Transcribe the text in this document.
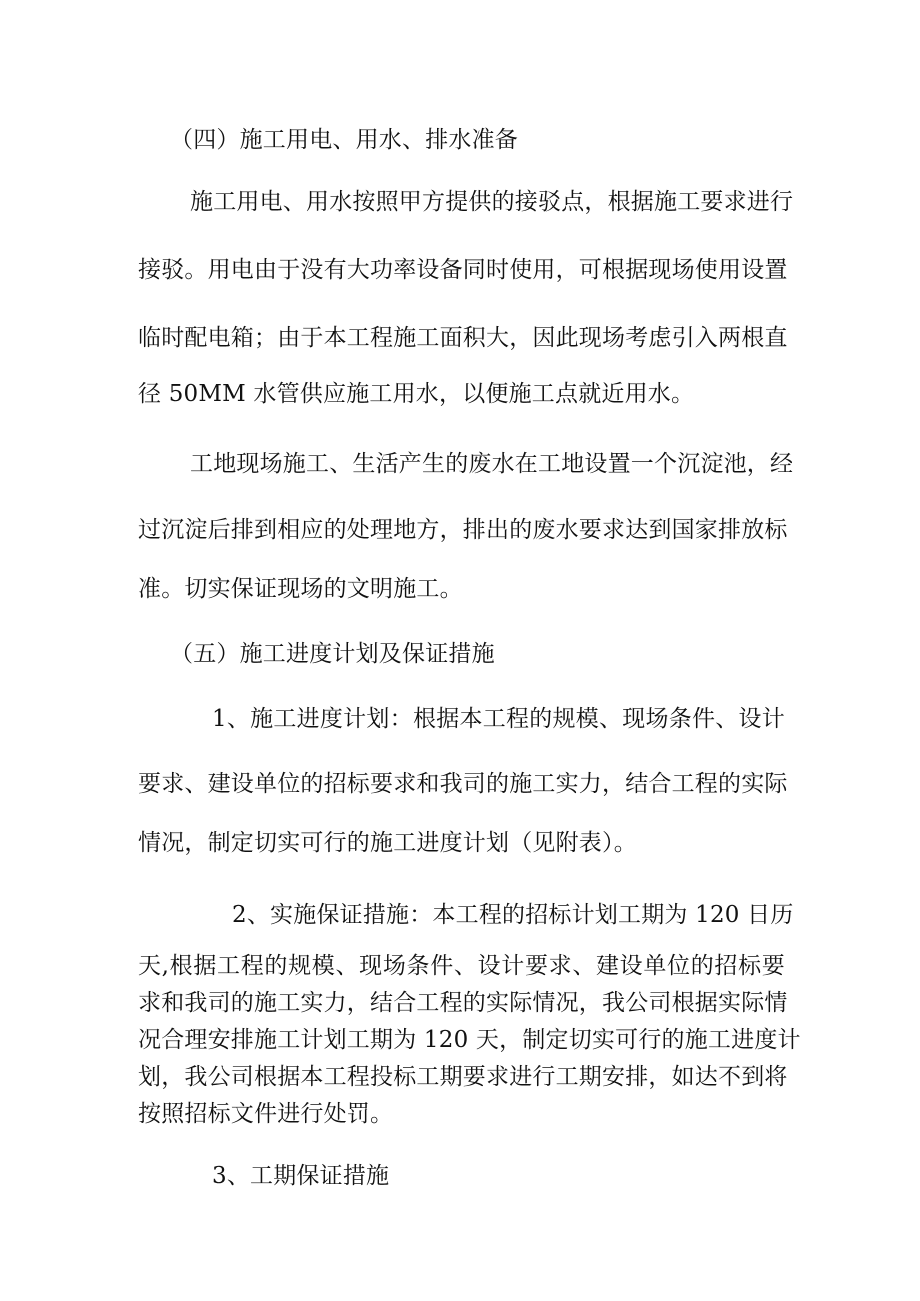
（四）施工用电、用水、排水准备
施工用电、用水按照甲方提供的接驳点，根据施工要求进行
接驳。用电由于没有大功率设备同时使用，可根据现场使用设置
临时配电箱；由于本工程施工面积大，因此现场考虑引入两根直
径 50MM 水管供应施工用水，以便施工点就近用水。
工地现场施工、生活产生的废水在工地设置一个沉淀池，经
过沉淀后排到相应的处理地方，排出的废水要求达到国家排放标
准。切实保证现场的文明施工。
（五）施工进度计划及保证措施
1、施工进度计划：根据本工程的规模、现场条件、设计
要求、建设单位的招标要求和我司的施工实力，结合工程的实际
情况，制定切实可行的施工进度计划（见附表）。
2、实施保证措施：本工程的招标计划工期为 120 日历
天,根据工程的规模、现场条件、设计要求、建设单位的招标要
求和我司的施工实力，结合工程的实际情况，我公司根据实际情
况合理安排施工计划工期为 120 天，制定切实可行的施工进度计
划，我公司根据本工程投标工期要求进行工期安排，如达不到将
按照招标文件进行处罚。
3、工期保证措施
